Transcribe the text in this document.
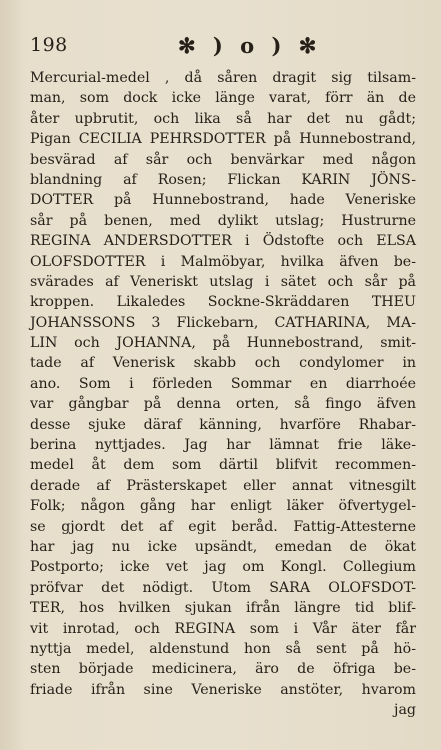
198	✻ ) o ) ✻
Mercurial-medel , då såren dragit sig tilsam-
man, som dock icke länge varat, förr än de
åter upbrutit, och lika så har det nu gådt;
Pigan CECILIA PEHRSDOTTER på Hunnebostrand,
besvärad af sår och benvärkar med någon
blandning af Rosen; Flickan KARIN JÖNS-
DOTTER på Hunnebostrand, hade Veneriske
sår på benen, med dylikt utslag; Hustrurne
REGINA ANDERSDOTTER i Ödstofte och ELSA
OLOFSDOTTER i Malmöbyar, hvilka äfven be-
svärades af Veneriskt utslag i sätet och sår på
kroppen. Likaledes Sockne-Skräddaren THEU
JOHANSSONS 3 Flickebarn, CATHARINA, MA-
LIN och JOHANNA, på Hunnebostrand, smit-
tade af Venerisk skabb och condylomer in
ano. Som i förleden Sommar en diarrhoée
var gångbar på denna orten, så fingo äfven
desse sjuke däraf känning, hvarföre Rhabar-
berina nyttjades. Jag har lämnat frie läke-
medel åt dem som därtil blifvit recommen-
derade af Prästerskapet eller annat vitnesgilt
Folk; någon gång har enligt läker öfvertygel-
se gjordt det af egit beråd. Fattig-Attesterne
har jag nu icke upsändt, emedan de ökat
Postporto; icke vet jag om Kongl. Collegium
pröfvar det nödigt. Utom SARA OLOFSDOT-
TER, hos hvilken sjukan ifrån längre tid blif-
vit inrotad, och REGINA som i Vår äter får
nyttja medel, aldenstund hon så sent på hö-
sten började medicinera, äro de öfriga be-
friade ifrån sine Veneriske anstöter, hvarom
jag
